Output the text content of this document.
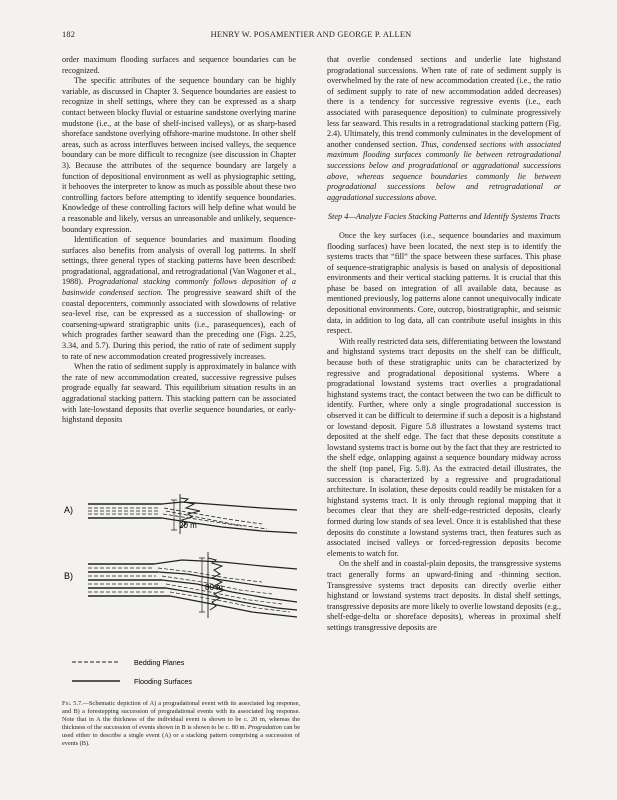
182	HENRY W. POSAMENTIER AND GEORGE P. ALLEN

order maximum flooding surfaces and sequence boundaries can be recognized.

The specific attributes of the sequence boundary can be highly variable, as discussed in Chapter 3. Sequence boundaries are easiest to recognize in shelf settings, where they can be expressed as a sharp contact between blocky fluvial or estuarine sandstone overlying marine mudstone (i.e., at the base of shelf-incised valleys), or as sharp-based shoreface sandstone overlying offshore-marine mudstone. In other shelf areas, such as across interfluves between incised valleys, the sequence boundary can be more difficult to recognize (see discussion in Chapter 3). Because the attributes of the sequence boundary are largely a function of depositional environment as well as physiographic setting, it behooves the interpreter to know as much as possible about these two controlling factors before attempting to identify sequence boundaries. Knowledge of these controlling factors will help define what would be a reasonable and likely, versus an unreasonable and unlikely, sequence-boundary expression.

Identification of sequence boundaries and maximum flooding surfaces also benefits from analysis of overall log patterns. In shelf settings, three general types of stacking patterns have been described: progradational, aggradational, and retrogradational (Van Wagoner et al., 1988). Progradational stacking commonly follows deposition of a basinwide condensed section. The progressive seaward shift of the coastal depocenters, commonly associated with slowdowns of relative sea-level rise, can be expressed as a succession of shallowing- or coarsening-upward stratigraphic units (i.e., parasequences), each of which progrades farther seaward than the preceding one (Figs. 2.25, 3.34, and 5.7). During this period, the ratio of rate of sediment supply to rate of new accommodation created progressively increases.

When the ratio of sediment supply is approximately in balance with the rate of new accommodation created, successive regressive pulses prograde equally far seaward. This equilibrium situation results in an aggradational stacking pattern. This stacking pattern can be associated with late-lowstand deposits that overlie sequence boundaries, or early-highstand deposits

A)
20 m
B)
80 m
Bedding Planes
Flooding Surfaces
Fig. 5.7.—Schematic depiction of A) a progradational event with its associated log response, and B) a forestepping succession of progradational events with its associated log response. Note that in A the thickness of the individual event is shown to be c. 20 m, whereas the thickness of the succession of events shown in B is shown to be c. 80 m. Progradation can be used either to describe a single event (A) or a stacking pattern comprising a succession of events (B).

that overlie condensed sections and underlie late highstand progradational successions. When rate of rate of sediment supply is overwhelmed by the rate of new accommodation created (i.e., the ratio of sediment supply to rate of new accommodation added decreases) there is a tendency for successive regressive events (i.e., each associated with parasequence deposition) to culminate progressively less far seaward. This results in a retrogradational stacking pattern (Fig. 2.4). Ultimately, this trend commonly culminates in the development of another condensed section. Thus, condensed sections with associated maximum flooding surfaces commonly lie between retrogradational successions below and progradational or aggradational successions above, whereas sequence boundaries commonly lie between progradational successions below and retrogradational or aggradational successions above.

Step 4—Analyze Facies Stacking Patterns and Identify Systems Tracts

Once the key surfaces (i.e., sequence boundaries and maximum flooding surfaces) have been located, the next step is to identify the systems tracts that “fill” the space between these surfaces. This phase of sequence-stratigraphic analysis is based on analysis of depositional environments and their vertical stacking patterns. It is crucial that this phase be based on integration of all available data, because as mentioned previously, log patterns alone cannot unequivocally indicate depositional environments. Core, outcrop, biostratigraphic, and seismic data, in addition to log data, all can contribute useful insights in this respect.

With really restricted data sets, differentiating between the lowstand and highstand systems tract deposits on the shelf can be difficult, because both of these stratigraphic units can be characterized by regressive and progradational depositional systems. Where a progradational lowstand systems tract overlies a progradational highstand systems tract, the contact between the two can be difficult to identify. Further, where only a single progradational succession is observed it can be difficult to determine if such a deposit is a highstand or lowstand deposit. Figure 5.8 illustrates a lowstand systems tract deposited at the shelf edge. The fact that these deposits constitute a lowstand systems tract is borne out by the fact that they are restricted to the shelf edge, onlapping against a sequence boundary midway across the shelf (top panel, Fig. 5.8). As the extracted detail illustrates, the succession is characterized by a regressive and progradational architecture. In isolation, these deposits could readily be mistaken for a highstand systems tract. It is only through regional mapping that it becomes clear that they are shelf-edge-restricted deposits, clearly formed during low stands of sea level. Once it is established that these deposits do constitute a lowstand systems tract, then features such as associated incised valleys or forced-regression deposits become elements to watch for.

On the shelf and in coastal-plain deposits, the transgressive systems tract generally forms an upward-fining and -thinning section. Transgressive systems tract deposits can directly overlie either highstand or lowstand systems tract deposits. In distal shelf settings, transgressive deposits are more likely to overlie lowstand deposits (e.g., shelf-edge-delta or shoreface deposits), whereas in proximal shelf settings transgressive deposits are
